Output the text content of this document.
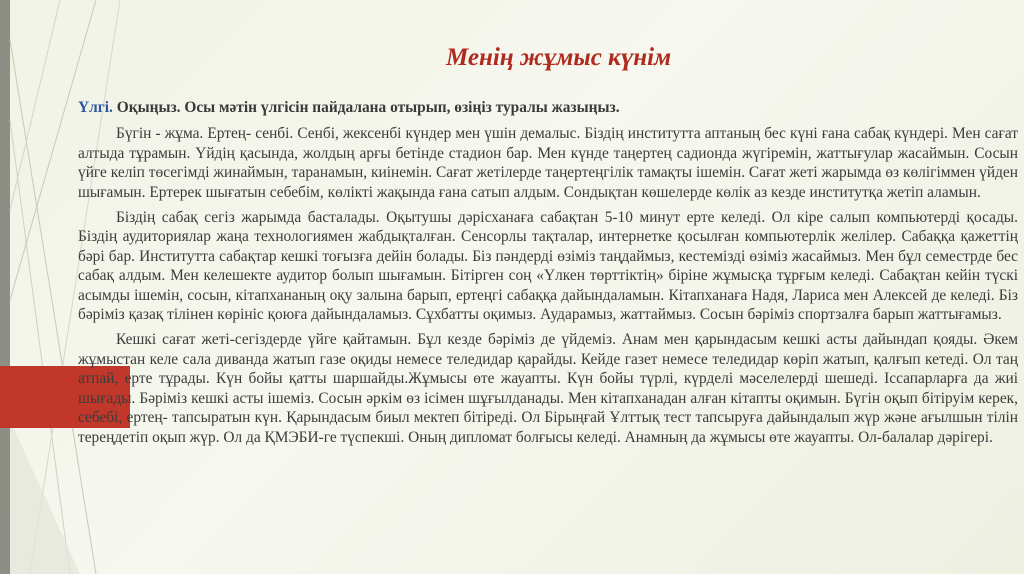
Менің жұмыс күнім

Үлгі. Оқыңыз. Осы мәтін үлгісін пайдалана отырып, өзіңіз туралы жазыңыз.

Бүгін - жұма. Ертең- сенбі. Сенбі, жексенбі күндер мен үшін демалыс. Біздің институтта аптаның бес күні ғана сабақ күндері. Мен сағат алтыда тұрамын. Үйдің қасында, жолдың арғы бетінде стадион бар. Мен күнде таңертең садионда жүгіремін, жаттығулар жасаймын. Сосын үйге келіп төсегімді жинаймын, таранамын, киінемін. Сағат жетілерде таңертеңгілік тамақты ішемін. Сағат жеті жарымда өз көлігіммен үйден шығамын. Ертерек шығатын себебім, көлікті жақында ғана сатып алдым. Сондықтан көшелерде көлік аз кезде институтқа жетіп аламын.

Біздің сабақ сегіз жарымда басталады. Оқытушы дәрісханаға сабақтан 5-10 минут ерте келеді. Ол кіре салып компьютерді қосады. Біздің аудиториялар жаңа технологиямен жабдықталған. Сенсорлы тақталар, интернетке қосылған компьютерлік желілер. Сабаққа қажеттің бәрі бар. Институтта сабақтар кешкі тоғызға дейін болады. Біз пәндерді өзіміз таңдаймыз, кестемізді өзіміз жасаймыз. Мен бұл семестрде бес сабақ алдым. Мен келешекте аудитор болып шығамын. Бітірген соң «Үлкен төрттіктің» біріне жұмысқа тұрғым келеді. Сабақтан кейін түскі асымды ішемін, сосын, кітапхананың оқу залына барып, ертеңгі сабаққа дайындаламын. Кітапханаға Надя, Лариса мен Алексей де келеді. Біз бәріміз қазақ тілінен көрініс қоюға дайындаламыз. Сұхбатты оқимыз. Аударамыз, жаттаймыз. Сосын бәріміз спортзалға барып жаттығамыз.

Кешкі сағат жеті-сегіздерде үйге қайтамын. Бұл кезде бәріміз де үйдеміз. Анам мен қарындасым кешкі асты дайындап қояды. Әкем жұмыстан келе сала диванда жатып газе оқиды немесе теледидар қарайды. Кейде газет немесе теледидар көріп жатып, қалғып кетеді. Ол таң атпай, ерте тұрады. Күн бойы қатты шаршайды.Жұмысы өте жауапты. Күн бойы түрлі, күрделі мәселелерді шешеді. Іссапарларға да жиі шығады. Бәріміз кешкі асты ішеміз. Сосын әркім өз ісімен шұғылданады. Мен кітапханадан алған кітапты оқимын. Бүгін оқып бітіруім керек, себебі, ертең- тапсыратын күн. Қарындасым биыл мектеп бітіреді. Ол Бірыңғай Ұлттық тест тапсыруға дайындалып жүр және ағылшын тілін тереңдетіп оқып жүр. Ол да ҚМЭБИ-ге түспекші. Оның дипломат болғысы келеді. Анамның да жұмысы өте жауапты. Ол-балалар дәрігері.
